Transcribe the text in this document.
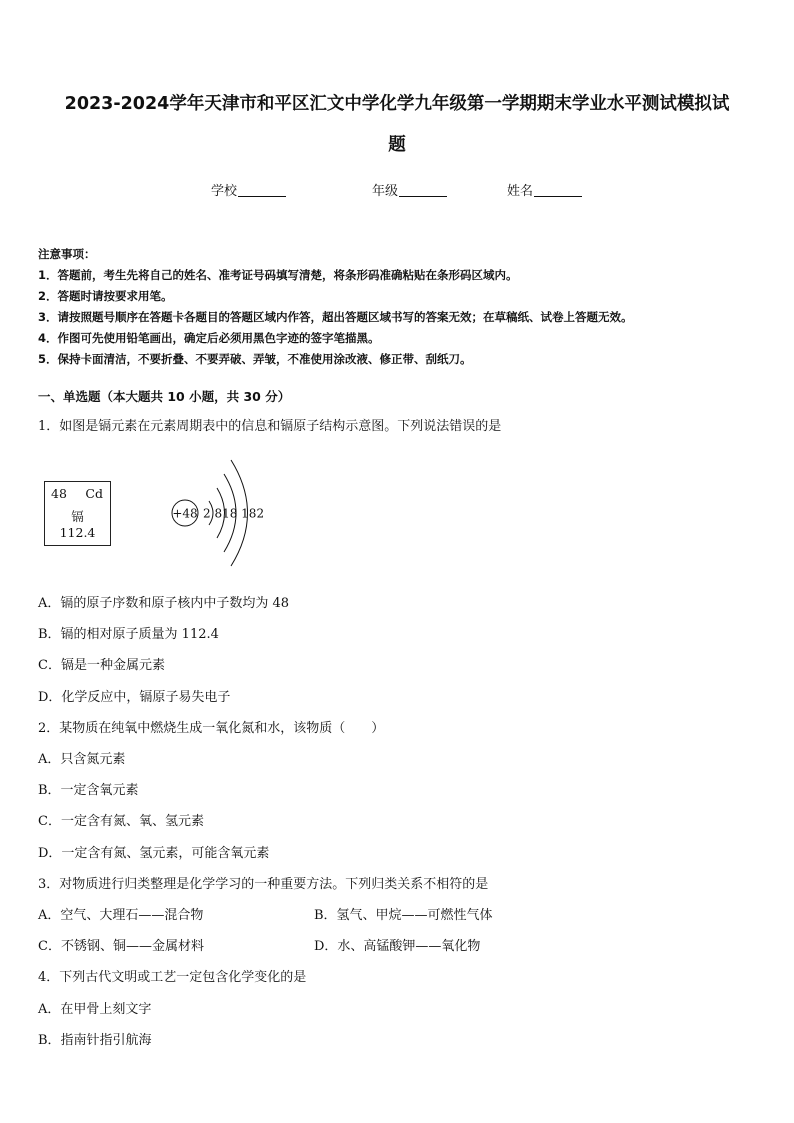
2023-2024学年天津市和平区汇文中学化学九年级第一学期期末学业水平测试模拟试
题
学校	年级	姓名
注意事项：
1．答题前，考生先将自己的姓名、准考证号码填写清楚，将条形码准确粘贴在条形码区域内。
2．答题时请按要求用笔。
3．请按照题号顺序在答题卡各题目的答题区域内作答，超出答题区域书写的答案无效；在草稿纸、试卷上答题无效。
4．作图可先使用铅笔画出，确定后必须用黑色字迹的签字笔描黑。
5．保持卡面清洁，不要折叠、不要弄破、弄皱，不准使用涂改液、修正带、刮纸刀。
一、单选题（本大题共 10 小题，共 30 分）
1．如图是镉元素在元素周期表中的信息和镉原子结构示意图。下列说法错误的是
48 Cd
镉
112.4
+48 2 818 182
A．镉的原子序数和原子核内中子数均为 48
B．镉的相对原子质量为 112.4
C．镉是一种金属元素
D．化学反应中，镉原子易失电子
2．某物质在纯氧中燃烧生成一氧化氮和水，该物质（　　）
A．只含氮元素
B．一定含氧元素
C．一定含有氮、氧、氢元素
D．一定含有氮、氢元素，可能含氧元素
3．对物质进行归类整理是化学学习的一种重要方法。下列归类关系不相符的是
A．空气、大理石——混合物	B．氢气、甲烷——可燃性气体
C．不锈钢、铜——金属材料	D．水、高锰酸钾——氧化物
4．下列古代文明或工艺一定包含化学变化的是
A．在甲骨上刻文字
B．指南针指引航海
